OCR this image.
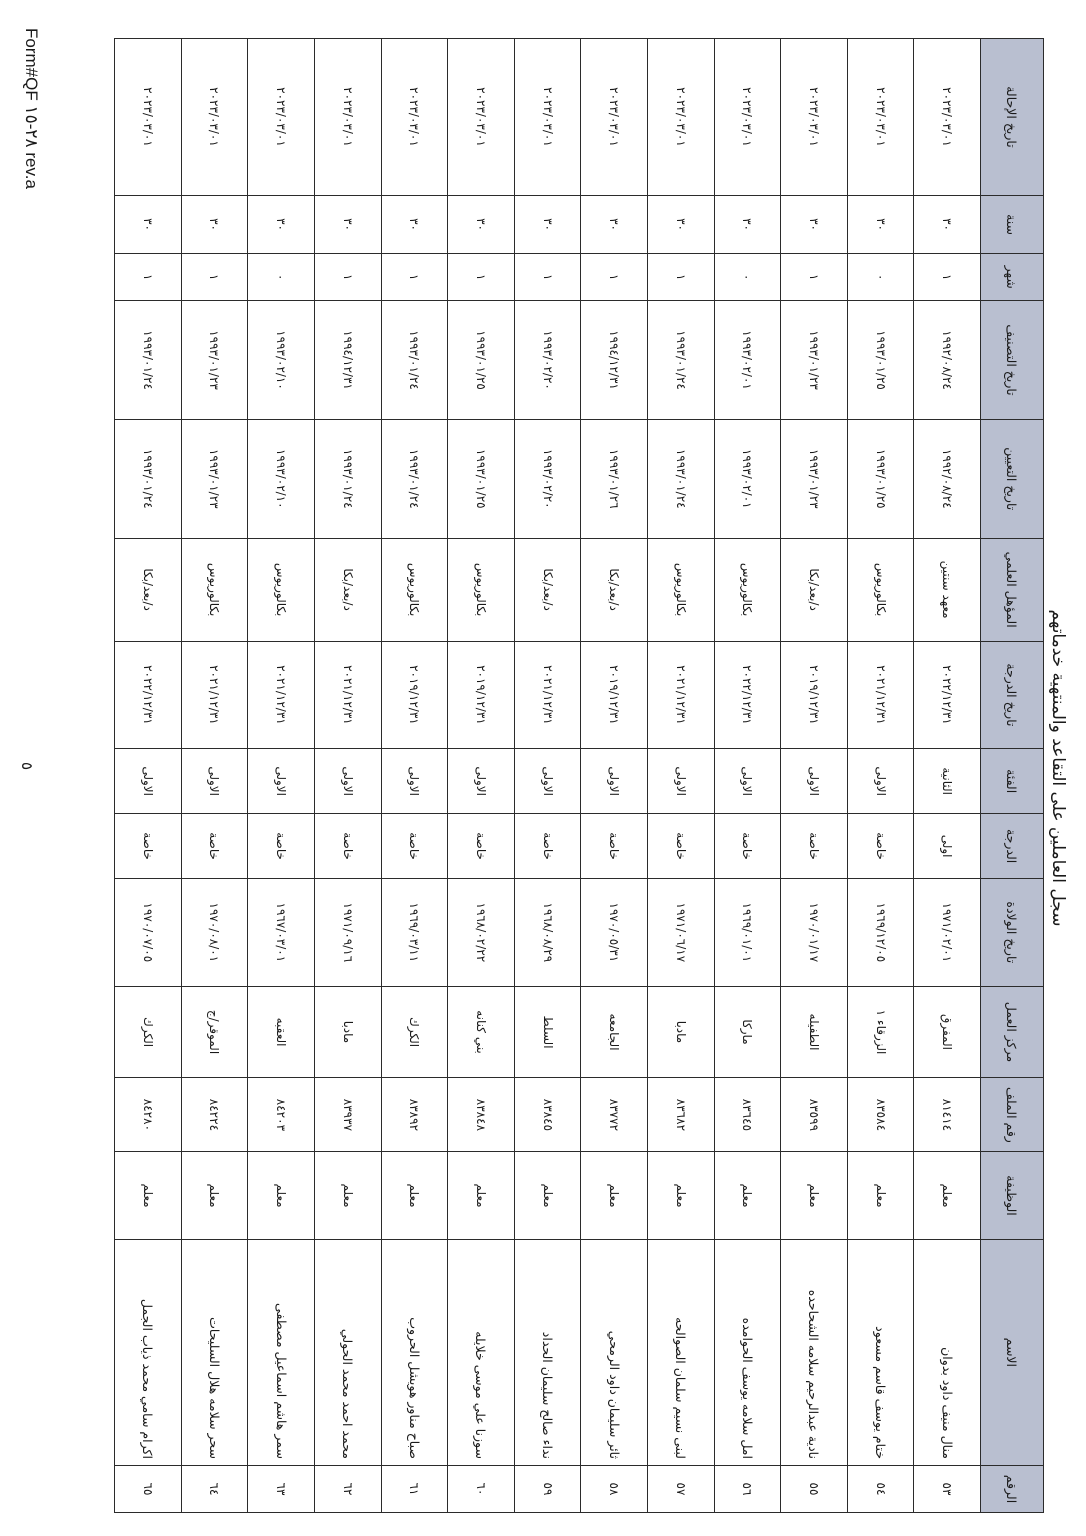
سجل العاملين على التقاعد والمنتهية خدماتهم
الرقم	الاسم	الوظيفة	رقم الملف	مركز العمل	تاريخ الولادة	الدرجة	الفئة	تاريخ الدرجة	المؤهل العلمي	تاريخ التعيين	تاريخ التصنيف	شهر	سنة	تاريخ الإحالة
٥٣	منال منيف داود بدوان	معلم	٨١٤١٤	المفرق	١٩٧١/٠٢/٠١	اولى	الثانية	٢٠٢٢/١٢/٣١	معهد سنتين	١٩٩٢/٠٨/٢٤	١٩٩٢/٠٨/٢٤	١	٣٠	٢٠٢٣/٠٣/٠١
٥٤	ختام يوسف قاسم مسعود	معلم	٨٣٥٨٤	الزرقاء ١	١٩٦٩/١٢/٠٥	خاصة	الاولى	٢٠٢١/١٢/٣١	بكالوريوس	١٩٩٣/٠١/٢٥	١٩٩٣/٠١/٢٥	٠	٣٠	٢٠٢٣/٠٣/٠١
٥٥	نادية عبدالرحيم سلامه الشحاحده	معلم	٨٣٥٩٩	الطفيله	١٩٧٠/٠١/١٧	خاصة	الاولى	٢٠١٩/١٢/٣١	د/بعد/بكا	١٩٩٣/٠١/٢٣	١٩٩٣/٠١/٢٣	١	٣٠	٢٠٢٣/٠٣/٠١
٥٦	امل سلامه يوسف الحوامده	معلم	٨٣٦٤٥	ماركا	١٩٦٩/٠١/٠١	خاصة	الاولى	٢٠٢٢/١٢/٣١	بكالوريوس	١٩٩٣/٠٢/٠١	١٩٩٣/٠٢/٠١	٠	٣٠	٢٠٢٣/٠٣/٠١
٥٧	لبنى نسيم سلمان الصوالحه	معلم	٨٣٦٨٢	مادبا	١٩٧١/٠٦/١٧	خاصة	الاولى	٢٠٢١/١٢/٣١	بكالوريوس	١٩٩٣/٠١/٢٤	١٩٩٣/٠١/٢٤	١	٣٠	٢٠٢٣/٠٣/٠١
٥٨	ثائر سليمان داود الرمحي	معلم	٨٣٧٧٢	الجامعه	١٩٧٠/٠٥/٣١	خاصة	الاولى	٢٠١٩/١٢/٣١	د/بعد/بكا	١٩٩٣/٠١/٢٦	١٩٩٤/١٢/٣١	١	٣٠	٢٠٢٣/٠٣/٠١
٥٩	نداء صالح سليمان الحداد	معلم	٨٣٨٤٥	السلط	١٩٦٨/٠٨/٢٩	خاصة	الاولى	٢٠٢١/١٢/٣١	د/بعد/بكا	١٩٩٣/٠٢/٢٠	١٩٩٣/٠٢/٢٠	١	٣٠	٢٠٢٣/٠٣/٠١
٦٠	سوزنا علي موسى خلايله	معلم	٨٣٨٤٨	بني كنانه	١٩٦٨/٠٢/٢٢	خاصة	الاولى	٢٠١٩/١٢/٣١	بكالوريوس	١٩٩٣/٠١/٢٥	١٩٩٣/٠١/٢٥	١	٣٠	٢٠٢٣/٠٣/٠١
٦١	صباح مناور هويشل الحروب	معلم	٨٣٨٩٢	الكرك	١٩٦٩/٠٣/١١	خاصة	الاولى	٢٠١٩/١٢/٣١	بكالوريوس	١٩٩٣/٠١/٢٤	١٩٩٣/٠١/٢٤	١	٣٠	٢٠٢٣/٠٣/٠١
٦٢	محمد احمد محمد الحولي	معلم	٨٣٩٣٧	مادبا	١٩٧١/٠٩/١٦	خاصة	الاولى	٢٠٢١/١٢/٣١	د/بعد/بكا	١٩٩٣/٠١/٢٤	١٩٩٤/١٢/٣١	١	٣٠	٢٠٢٣/٠٣/٠١
٦٣	سمر هاشم اسماعيل مصطفى	معلم	٨٤٢٠٣	العقبه	١٩٦٧/٠٣/٠١	خاصة	الاولى	٢٠٢١/١٢/٣١	بكالوريوس	١٩٩٣/٠٢/١٠	١٩٩٣/٠٢/١٠	٠	٣٠	٢٠٢٣/٠٣/٠١
٦٤	سحر سلامه هلال السليحات	معلم	٨٤٢٢٤	الموقر/ج	١٩٧٠/٠٨/٠١	خاصة	الاولى	٢٠٢١/١٢/٣١	بكالوريوس	١٩٩٣/٠١/٢٣	١٩٩٣/٠١/٢٣	١	٣٠	٢٠٢٣/٠٣/٠١
٦٥	اكرام سامي محمد ذياب الجمل	معلم	٨٤٢٨٠	الكرك	١٩٧٠/٠٧/٠٥	خاصة	الاولى	٢٠٢٢/١٢/٣١	د/بعد/بكا	١٩٩٣/٠١/٢٤	١٩٩٣/٠١/٢٤	١	٣٠	٢٠٢٣/٠٣/٠١
Form#QF ٢٨-١٥ rev.a
٥
